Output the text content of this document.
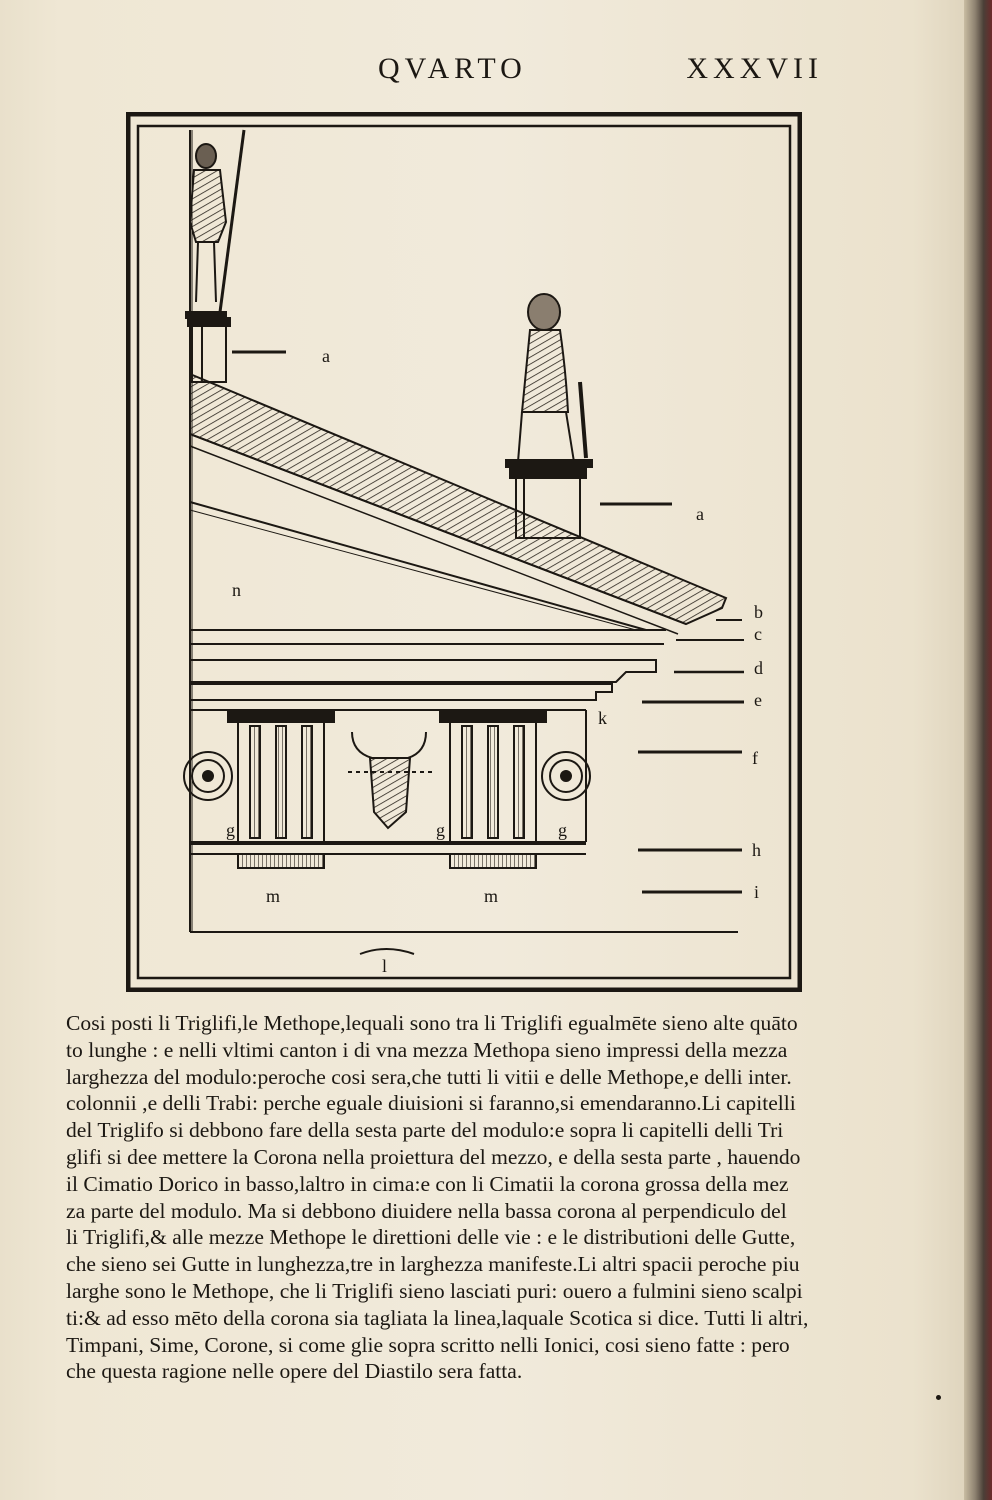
QVARTO	XXXVII
a
a
n
b
c
d
e
k
g	g	g
f
h
m	m	i
l
Cosi posti li Triglifi,le Methope,lequali sono tra li Triglifi egualmēte sieno alte quāto
to lunghe : e nelli vltimi canton i di vna mezza Methopa sieno impressi della mezza
larghezza del modulo:peroche cosi sera,che tutti li vitii e delle Methope,e delli inter.
colonnii ,e delli Trabi: perche eguale diuisioni si faranno,si emendaranno.Li capitelli
del Triglifo si debbono fare della sesta parte del modulo:e sopra li capitelli delli Tri
glifi si dee mettere la Corona nella proiettura del mezzo, e della sesta parte , hauendo
il Cimatio Dorico in basso,laltro in cima:e con li Cimatii la corona grossa della mez
za parte del modulo. Ma si debbono diuidere nella bassa corona al perpendiculo del
li Triglifi,& alle mezze Methope le direttioni delle vie : e le distributioni delle Gutte,
che sieno sei Gutte in lunghezza,tre in larghezza manifeste.Li altri spacii peroche piu
larghe sono le Methope, che li Triglifi sieno lasciati puri: ouero a fulmini sieno scalpi
ti:& ad esso mēto della corona sia tagliata la linea,laquale Scotica si dice. Tutti li altri,
Timpani, Sime, Corone, si come glie sopra scritto nelli Ionici, cosi sieno fatte : pero
che questa ragione nelle opere del Diastilo sera fatta.
